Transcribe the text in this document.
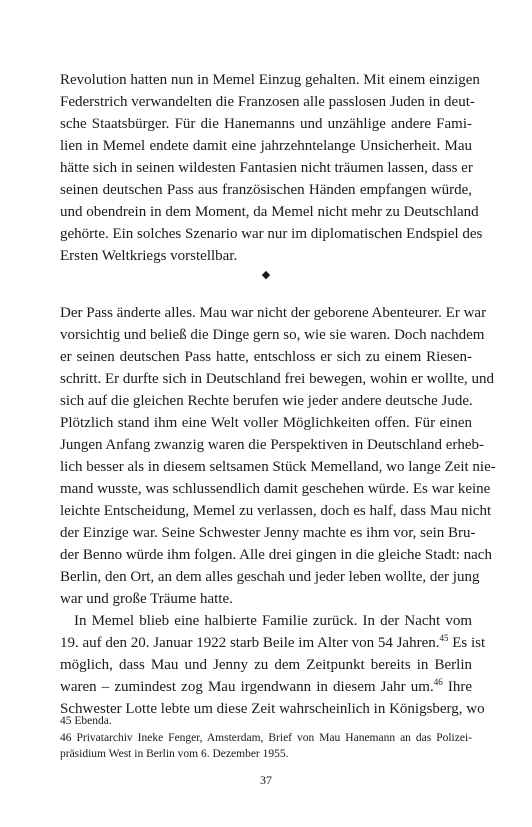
Revolution hatten nun in Memel Einzug gehalten. Mit einem einzigen
Federstrich verwandelten die Franzosen alle passlosen Juden in deut-
sche Staatsbürger. Für die Hanemanns und unzählige andere Fami-
lien in Memel endete damit eine jahrzehntelange Unsicherheit. Mau
hätte sich in seinen wildesten Fantasien nicht träumen lassen, dass er
seinen deutschen Pass aus französischen Händen empfangen würde,
und obendrein in dem Moment, da Memel nicht mehr zu Deutschland
gehörte. Ein solches Szenario war nur im diplomatischen Endspiel des
Ersten Weltkriegs vorstellbar.
◆
Der Pass änderte alles. Mau war nicht der geborene Abenteurer. Er war
vorsichtig und beließ die Dinge gern so, wie sie waren. Doch nachdem
er seinen deutschen Pass hatte, entschloss er sich zu einem Riesen-
schritt. Er durfte sich in Deutschland frei bewegen, wohin er wollte, und
sich auf die gleichen Rechte berufen wie jeder andere deutsche Jude.
Plötzlich stand ihm eine Welt voller Möglichkeiten offen. Für einen
Jungen Anfang zwanzig waren die Perspektiven in Deutschland erheb-
lich besser als in diesem seltsamen Stück Memelland, wo lange Zeit nie-
mand wusste, was schlussendlich damit geschehen würde. Es war keine
leichte Entscheidung, Memel zu verlassen, doch es half, dass Mau nicht
der Einzige war. Seine Schwester Jenny machte es ihm vor, sein Bru-
der Benno würde ihm folgen. Alle drei gingen in die gleiche Stadt: nach
Berlin, den Ort, an dem alles geschah und jeder leben wollte, der jung
war und große Träume hatte.
In Memel blieb eine halbierte Familie zurück. In der Nacht vom
19. auf den 20. Januar 1922 starb Beile im Alter von 54 Jahren.$^{45}$ Es ist
möglich, dass Mau und Jenny zu dem Zeitpunkt bereits in Berlin
waren – zumindest zog Mau irgendwann in diesem Jahr um.$^{46}$ Ihre
Schwester Lotte lebte um diese Zeit wahrscheinlich in Königsberg, wo
45 Ebenda.
46 Privatarchiv Ineke Fenger, Amsterdam, Brief von Mau Hanemann an das Polizei-
präsidium West in Berlin vom 6. Dezember 1955.
37
